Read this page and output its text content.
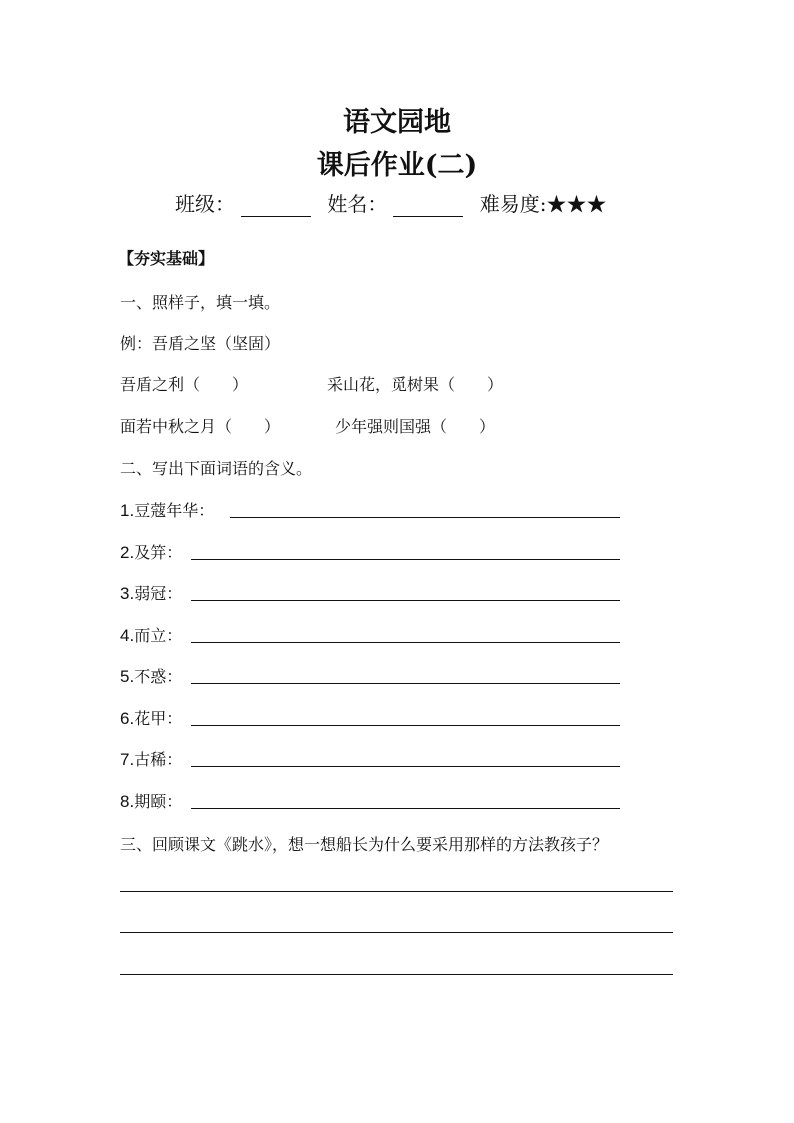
语文园地
课后作业(二)
班级：	姓名：	难易度:★★★
【夯实基础】
一、照样子，填一填。
例：吾盾之坚（坚固）
吾盾之利（　　）	采山花，觅树果（　　）
面若中秋之月（　　）	少年强则国强（　　）
二、写出下面词语的含义。
1.豆蔻年华：
2.及笄：
3.弱冠：
4.而立：
5.不惑：
6.花甲：
7.古稀：
8.期颐：
三、回顾课文《跳水》，想一想船长为什么要采用那样的方法教孩子？
